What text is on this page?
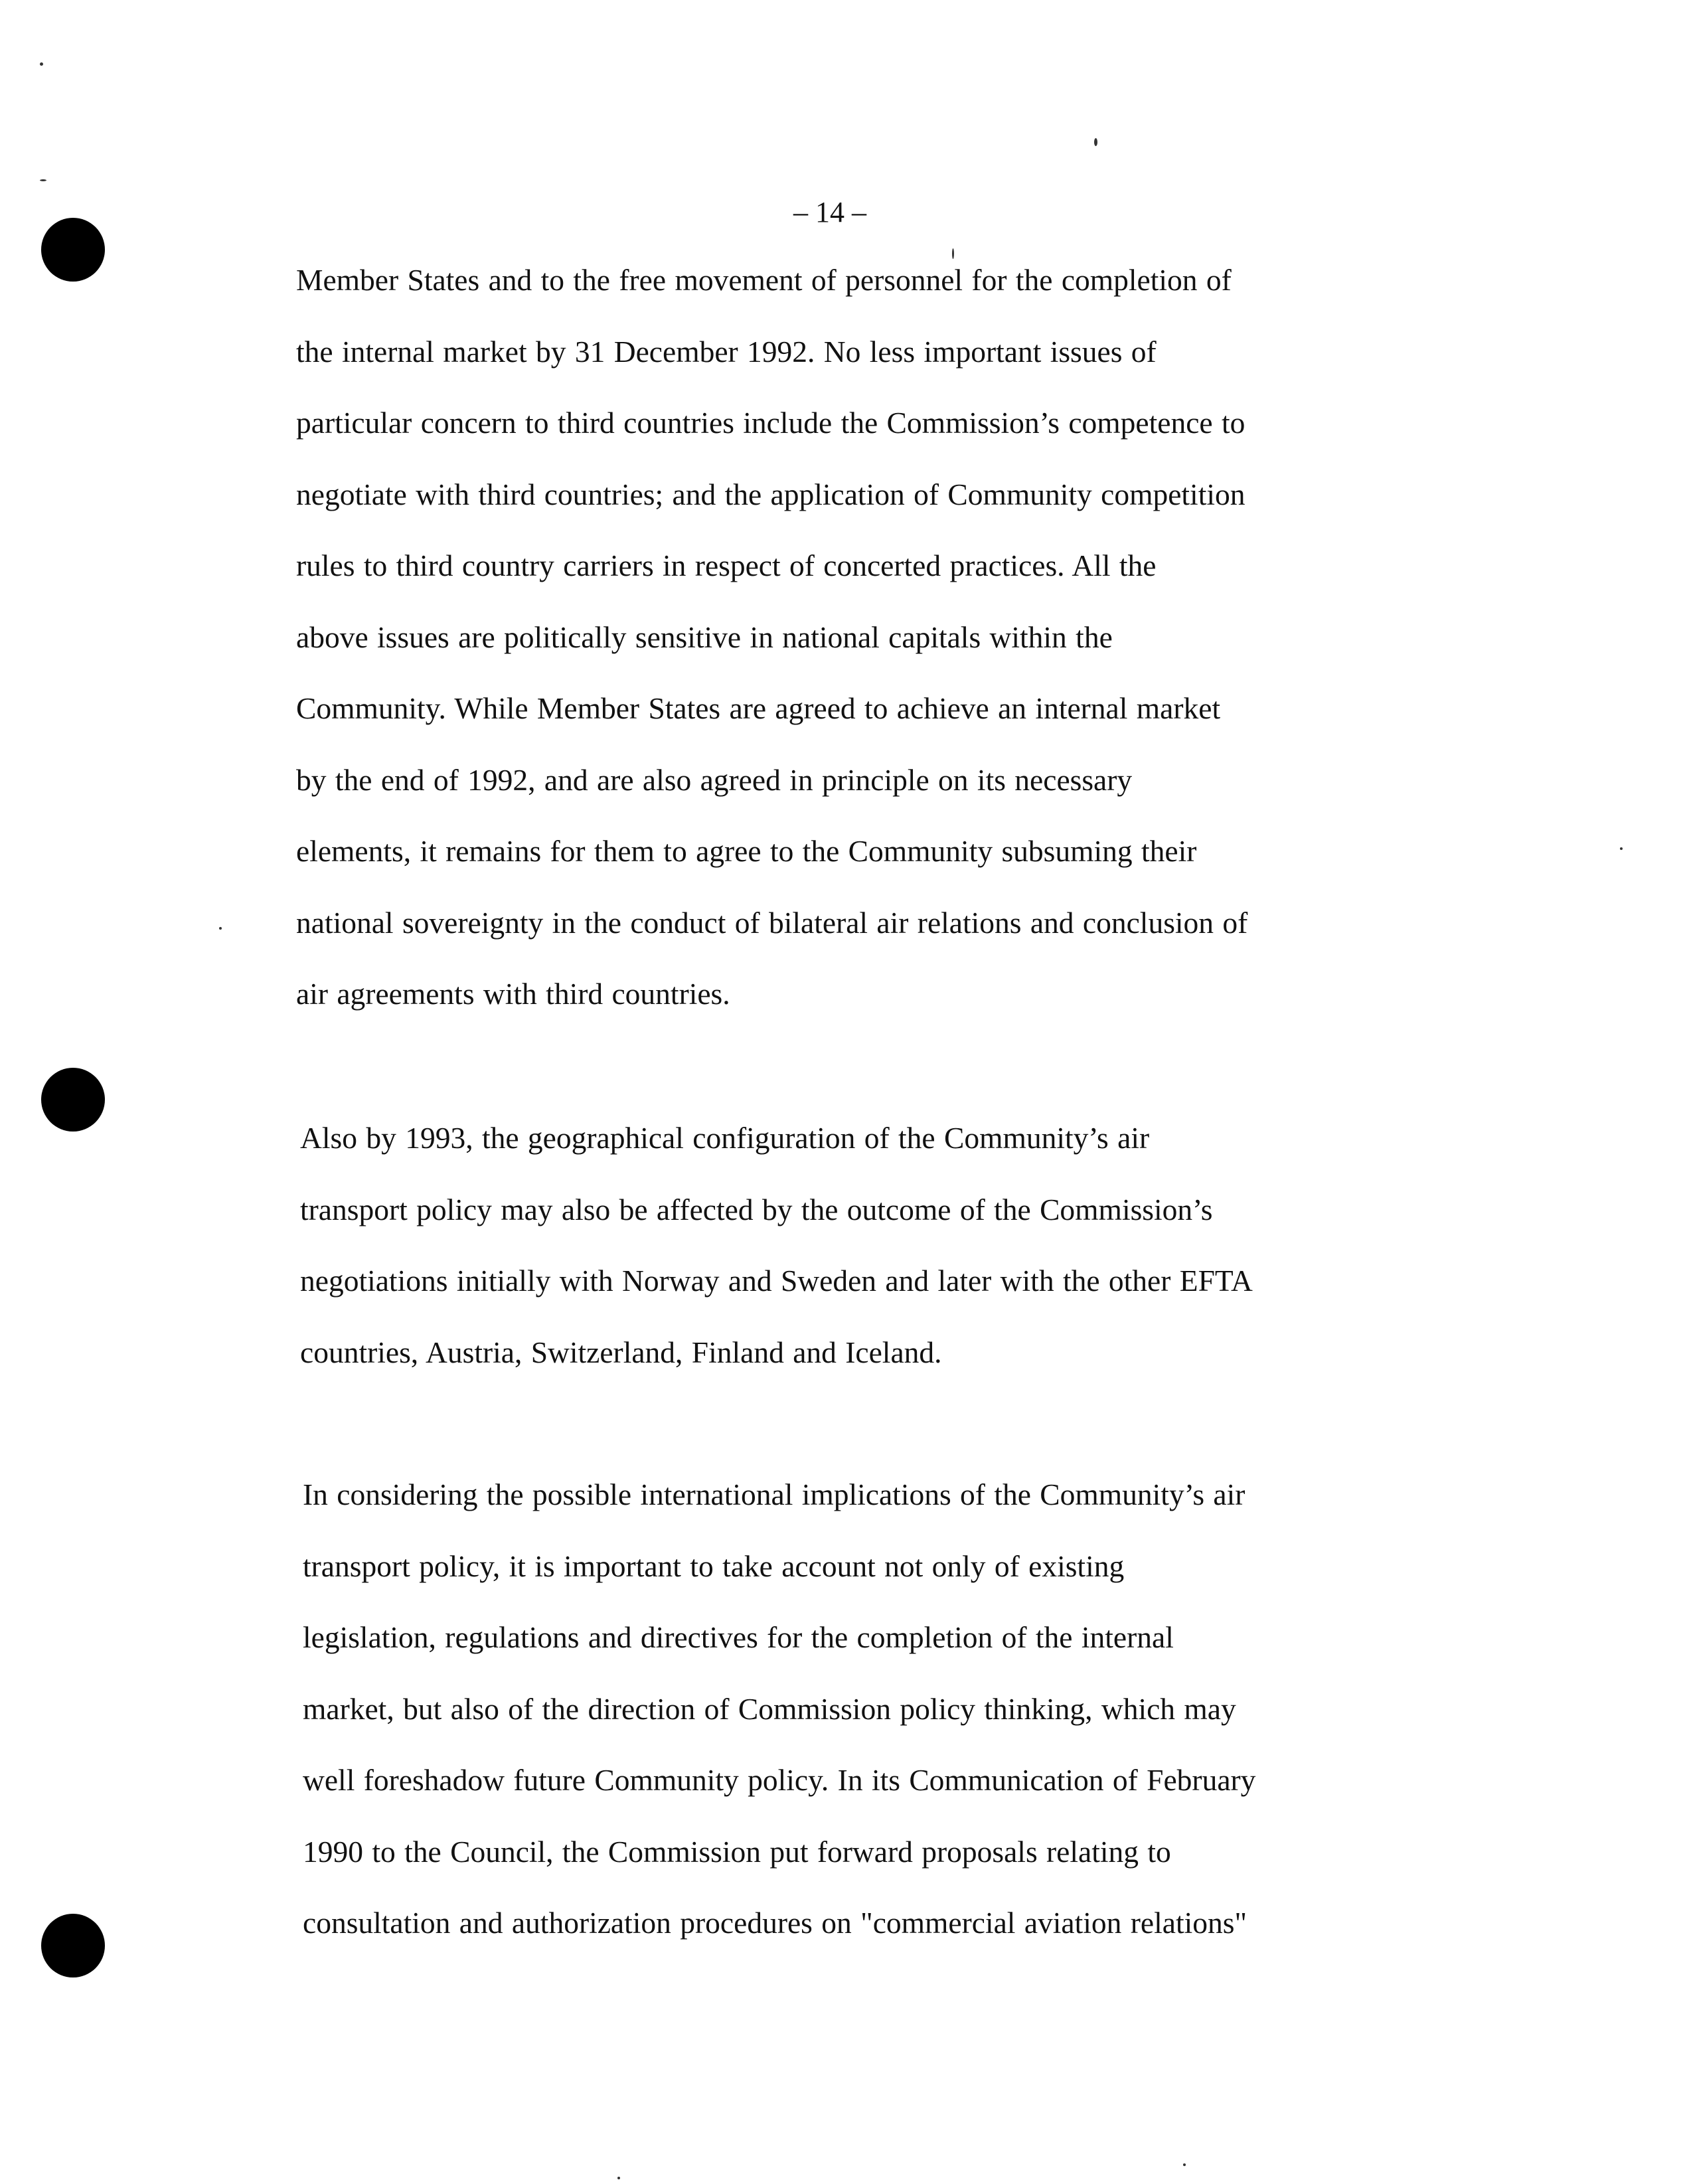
– 14 –
Member States and to the free movement of personnel for the completion of
the internal market by 31 December 1992. No less important issues of
particular concern to third countries include the Commission’s competence to
negotiate with third countries; and the application of Community competition
rules to third country carriers in respect of concerted practices. All the
above issues are politically sensitive in national capitals within the
Community. While Member States are agreed to achieve an internal market
by the end of 1992, and are also agreed in principle on its necessary
elements, it remains for them to agree to the Community subsuming their
national sovereignty in the conduct of bilateral air relations and conclusion of
air agreements with third countries.
Also by 1993, the geographical configuration of the Community’s air
transport policy may also be affected by the outcome of the Commission’s
negotiations initially with Norway and Sweden and later with the other EFTA
countries, Austria, Switzerland, Finland and Iceland.
In considering the possible international implications of the Community’s air
transport policy, it is important to take account not only of existing
legislation, regulations and directives for the completion of the internal
market, but also of the direction of Commission policy thinking, which may
well foreshadow future Community policy. In its Communication of February
1990 to the Council, the Commission put forward proposals relating to
consultation and authorization procedures on "commercial aviation relations"
